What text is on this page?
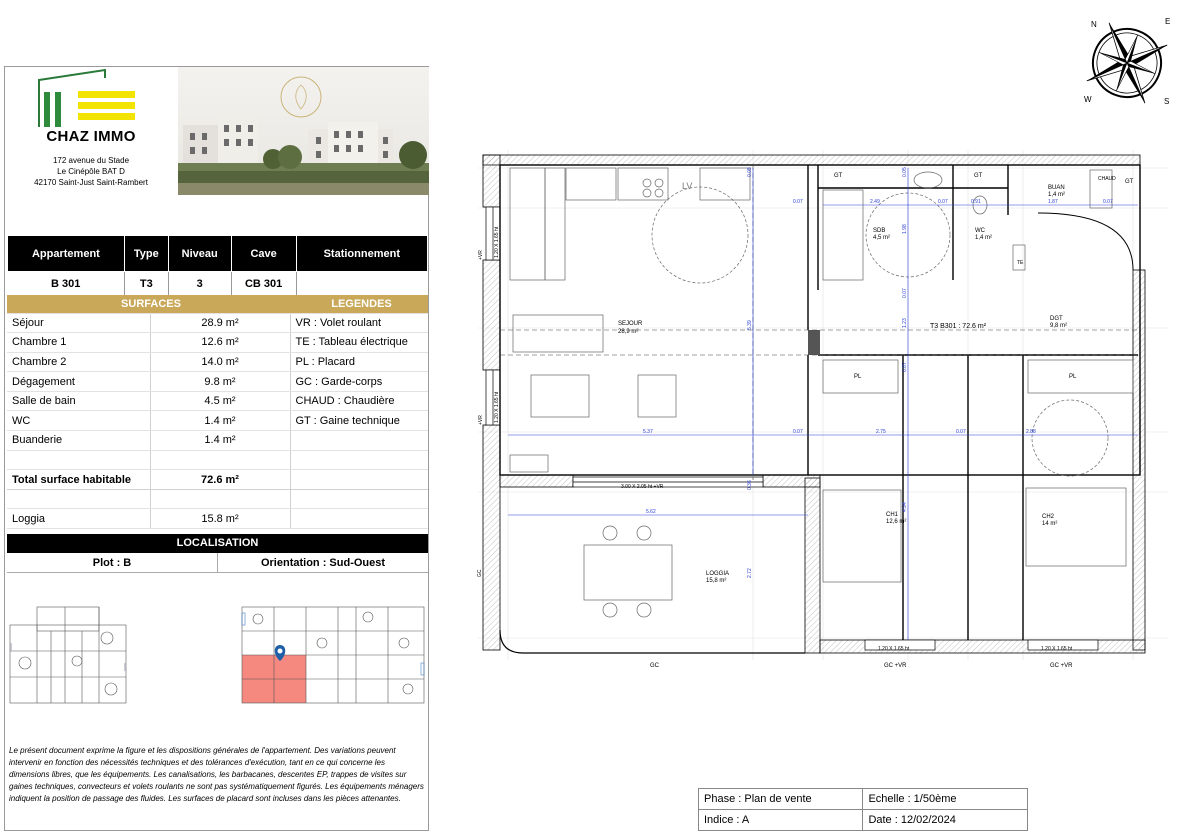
CHAZ IMMO
172 avenue du Stade
Le Cinépôle BAT D
42170 Saint-Just Saint-Rambert
Appartement	Type	Niveau	Cave	Stationnement
B 301	T3	3	CB 301	
SURFACES		LEGENDES
Séjour	28.9 m²	VR : Volet roulant
Chambre 1	12.6 m²	TE : Tableau électrique
Chambre 2	14.0 m²	PL : Placard
Dégagement	9.8 m²	GC : Garde-corps
Salle de bain	4.5 m²	CHAUD : Chaudière
WC	1.4 m²	GT : Gaine technique
Buanderie	1.4 m²	

Total surface habitable	72.6 m²	

Loggia	15.8 m²	
LOCALISATION
Plot : B	Orientation : Sud-Ouest
Le présent document exprime la figure et les dispositions générales de l'appartement. Des variations peuvent intervenir en fonction des nécessités techniques et des tolérances d'exécution, tant en ce qui concerne les dimensions libres, que les équipements. Les canalisations, les barbacanes, descentes EP, trappes de visites sur gaines techniques, convecteurs et volets roulants ne sont pas systématiquement figurés. Les équipements ménagers indiquent la position de passage des fluides. Les surfaces de placard sont incluses dans les pièces attenantes.
N	E
S
W
SEJOUR
28,9 m²
SDB
4,5 m²
WC
1,4 m²
BUAN
1,4 m²
DGT
9,8 m²
CH1
12,6 m²
CH2
14 m²
LOGGIA
15,8 m²
T3 B301 : 72.6 m²
LV
GT	GT
GT
CHAUD
TE
PL	PL
GC	GC +VR	GC +VR
GC
+VR 1.20 X 1.65 ht
+VR 1.20 X 1.65 ht
3.00 X 2.05 ht +VR
1.20 X 1.65 ht	1.20 X 1.65 ht
0.05
0.07	2.49
0.05
0.07	0.91	1.87	0.07
1.98
5.39
0.07
1.23
0.07
5.37	0.07	2.75	0.07	2.88
0.36
5.62
2.72
4.94
Phase : Plan de vente	Echelle : 1/50ème
Indice : A	Date : 12/02/2024
